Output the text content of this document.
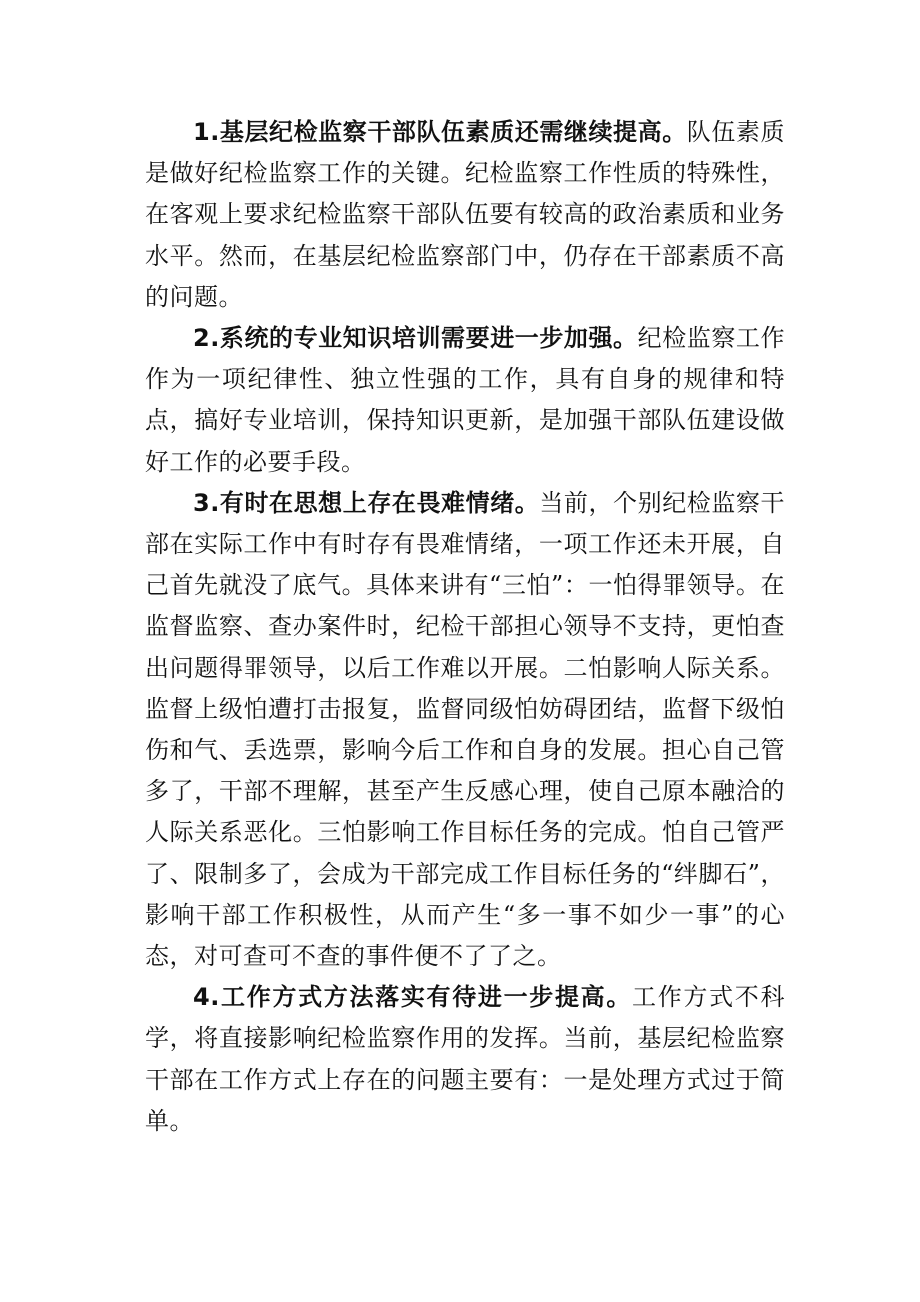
1.基层纪检监察干部队伍素质还需继续提高。队伍素质是做好纪检监察工作的关键。纪检监察工作性质的特殊性，在客观上要求纪检监察干部队伍要有较高的政治素质和业务水平。然而，在基层纪检监察部门中，仍存在干部素质不高的问题。

2.系统的专业知识培训需要进一步加强。纪检监察工作作为一项纪律性、独立性强的工作，具有自身的规律和特点，搞好专业培训，保持知识更新，是加强干部队伍建设做好工作的必要手段。

3.有时在思想上存在畏难情绪。当前，个别纪检监察干部在实际工作中有时存有畏难情绪，一项工作还未开展，自己首先就没了底气。具体来讲有“三怕”：一怕得罪领导。在监督监察、查办案件时，纪检干部担心领导不支持，更怕查出问题得罪领导，以后工作难以开展。二怕影响人际关系。监督上级怕遭打击报复，监督同级怕妨碍团结，监督下级怕伤和气、丢选票，影响今后工作和自身的发展。担心自己管多了，干部不理解，甚至产生反感心理，使自己原本融洽的人际关系恶化。三怕影响工作目标任务的完成。怕自己管严了、限制多了，会成为干部完成工作目标任务的“绊脚石”，影响干部工作积极性，从而产生“多一事不如少一事”的心态，对可查可不查的事件便不了了之。

4.工作方式方法落实有待进一步提高。工作方式不科学，将直接影响纪检监察作用的发挥。当前，基层纪检监察干部在工作方式上存在的问题主要有：一是处理方式过于简单。
